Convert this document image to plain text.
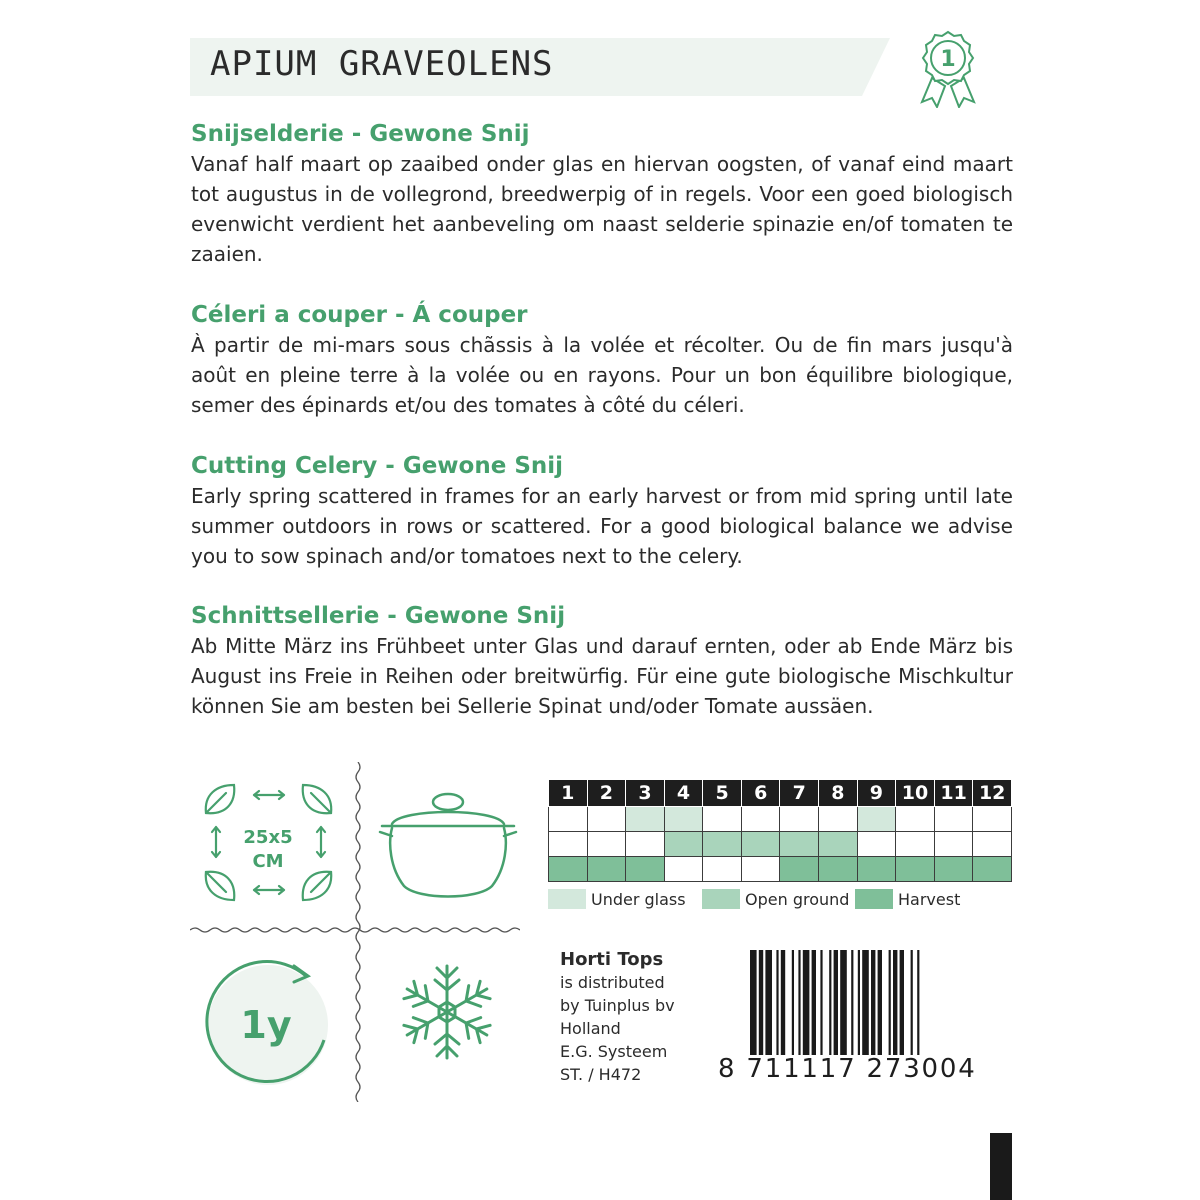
APIUM GRAVEOLENS	1

Snijselderie - Gewone Snij

Vanaf half maart op zaaibed onder glas en hiervan oogsten, of vanaf eind maart tot augustus in de vollegrond, breedwerpig of in regels. Voor een goed biologisch evenwicht verdient het aanbeveling om naast selderie spinazie en/of tomaten te zaaien.

Céleri a couper - Á couper

À partir de mi-mars sous chãssis à la volée et récolter. Ou de fin mars jusqu'à août en pleine terre à la volée ou en rayons. Pour un bon équilibre biologique, semer des épinards et/ou des tomates à côté du céleri.

Cutting Celery - Gewone Snij

Early spring scattered in frames for an early harvest or from mid spring until late summer outdoors in rows or scattered. For a good biological balance we advise you to sow spinach and/or tomatoes next to the celery.

Schnittsellerie - Gewone Snij

Ab Mitte März ins Frühbeet unter Glas und darauf ernten, oder ab Ende März bis August ins Freie in Reihen oder breitwürfig. Für eine gute biologische Mischkultur können Sie am besten bei Sellerie Spinat und/oder Tomate aussäen.

25x5
CM
1y
1	2	3	4	5	6	7	8	9	10	11	12

Under glass	Open ground	Harvest
Horti Tops
is distributed
by Tuinplus bv
Holland
E.G. Systeem
ST. / H472	8 711117 273004
